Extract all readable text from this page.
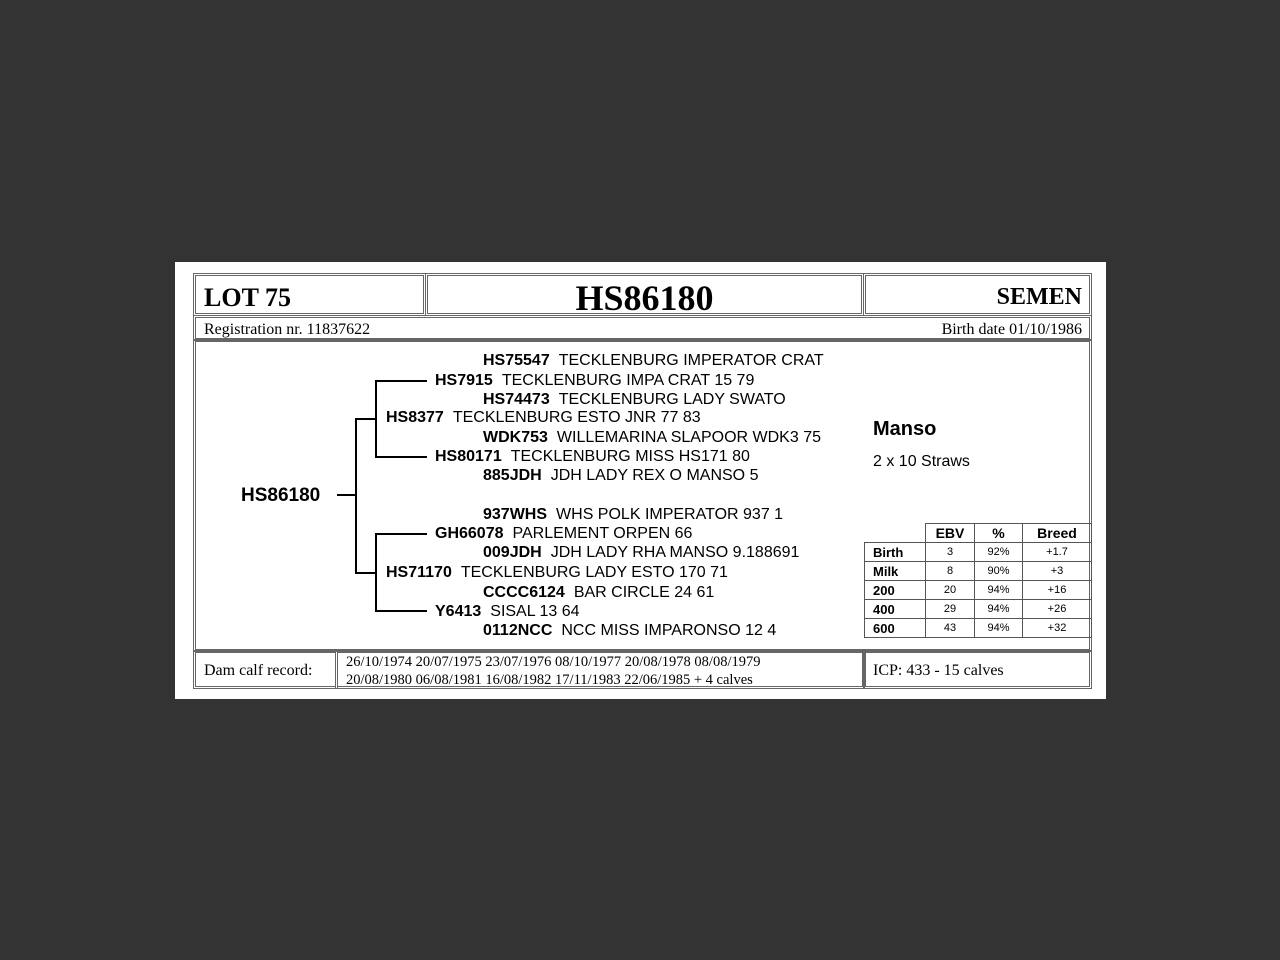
LOT 75	HS86180	SEMEN
Registration nr. 11837622	Birth date 01/10/1986
HS86180
HS75547 TECKLENBURG IMPERATOR CRAT
HS7915 TECKLENBURG IMPA CRAT 15 79
HS74473 TECKLENBURG LADY SWATO
HS8377 TECKLENBURG ESTO JNR 77 83
WDK753 WILLEMARINA SLAPOOR WDK3 75
HS80171 TECKLENBURG MISS HS171 80
885JDH JDH LADY REX O MANSO 5
937WHS WHS POLK IMPERATOR 937 1
GH66078 PARLEMENT ORPEN 66
009JDH JDH LADY RHA MANSO 9.188691
HS71170 TECKLENBURG LADY ESTO 170 71
CCCC6124 BAR CIRCLE 24 61
Y6413 SISAL 13 64
0112NCC NCC MISS IMPARONSO 12 4
Manso
2 x 10 Straws
	EBV	%	Breed
Birth	3	92%	+1.7
Milk	8	90%	+3
200	20	94%	+16
400	29	94%	+26
600	43	94%	+32
Dam calf record: 26/10/1974 20/07/1975 23/07/1976 08/10/1977 20/08/1978 08/08/1979
20/08/1980 06/08/1981 16/08/1982 17/11/1983 22/06/1985 + 4 calves
ICP: 433 - 15 calves
